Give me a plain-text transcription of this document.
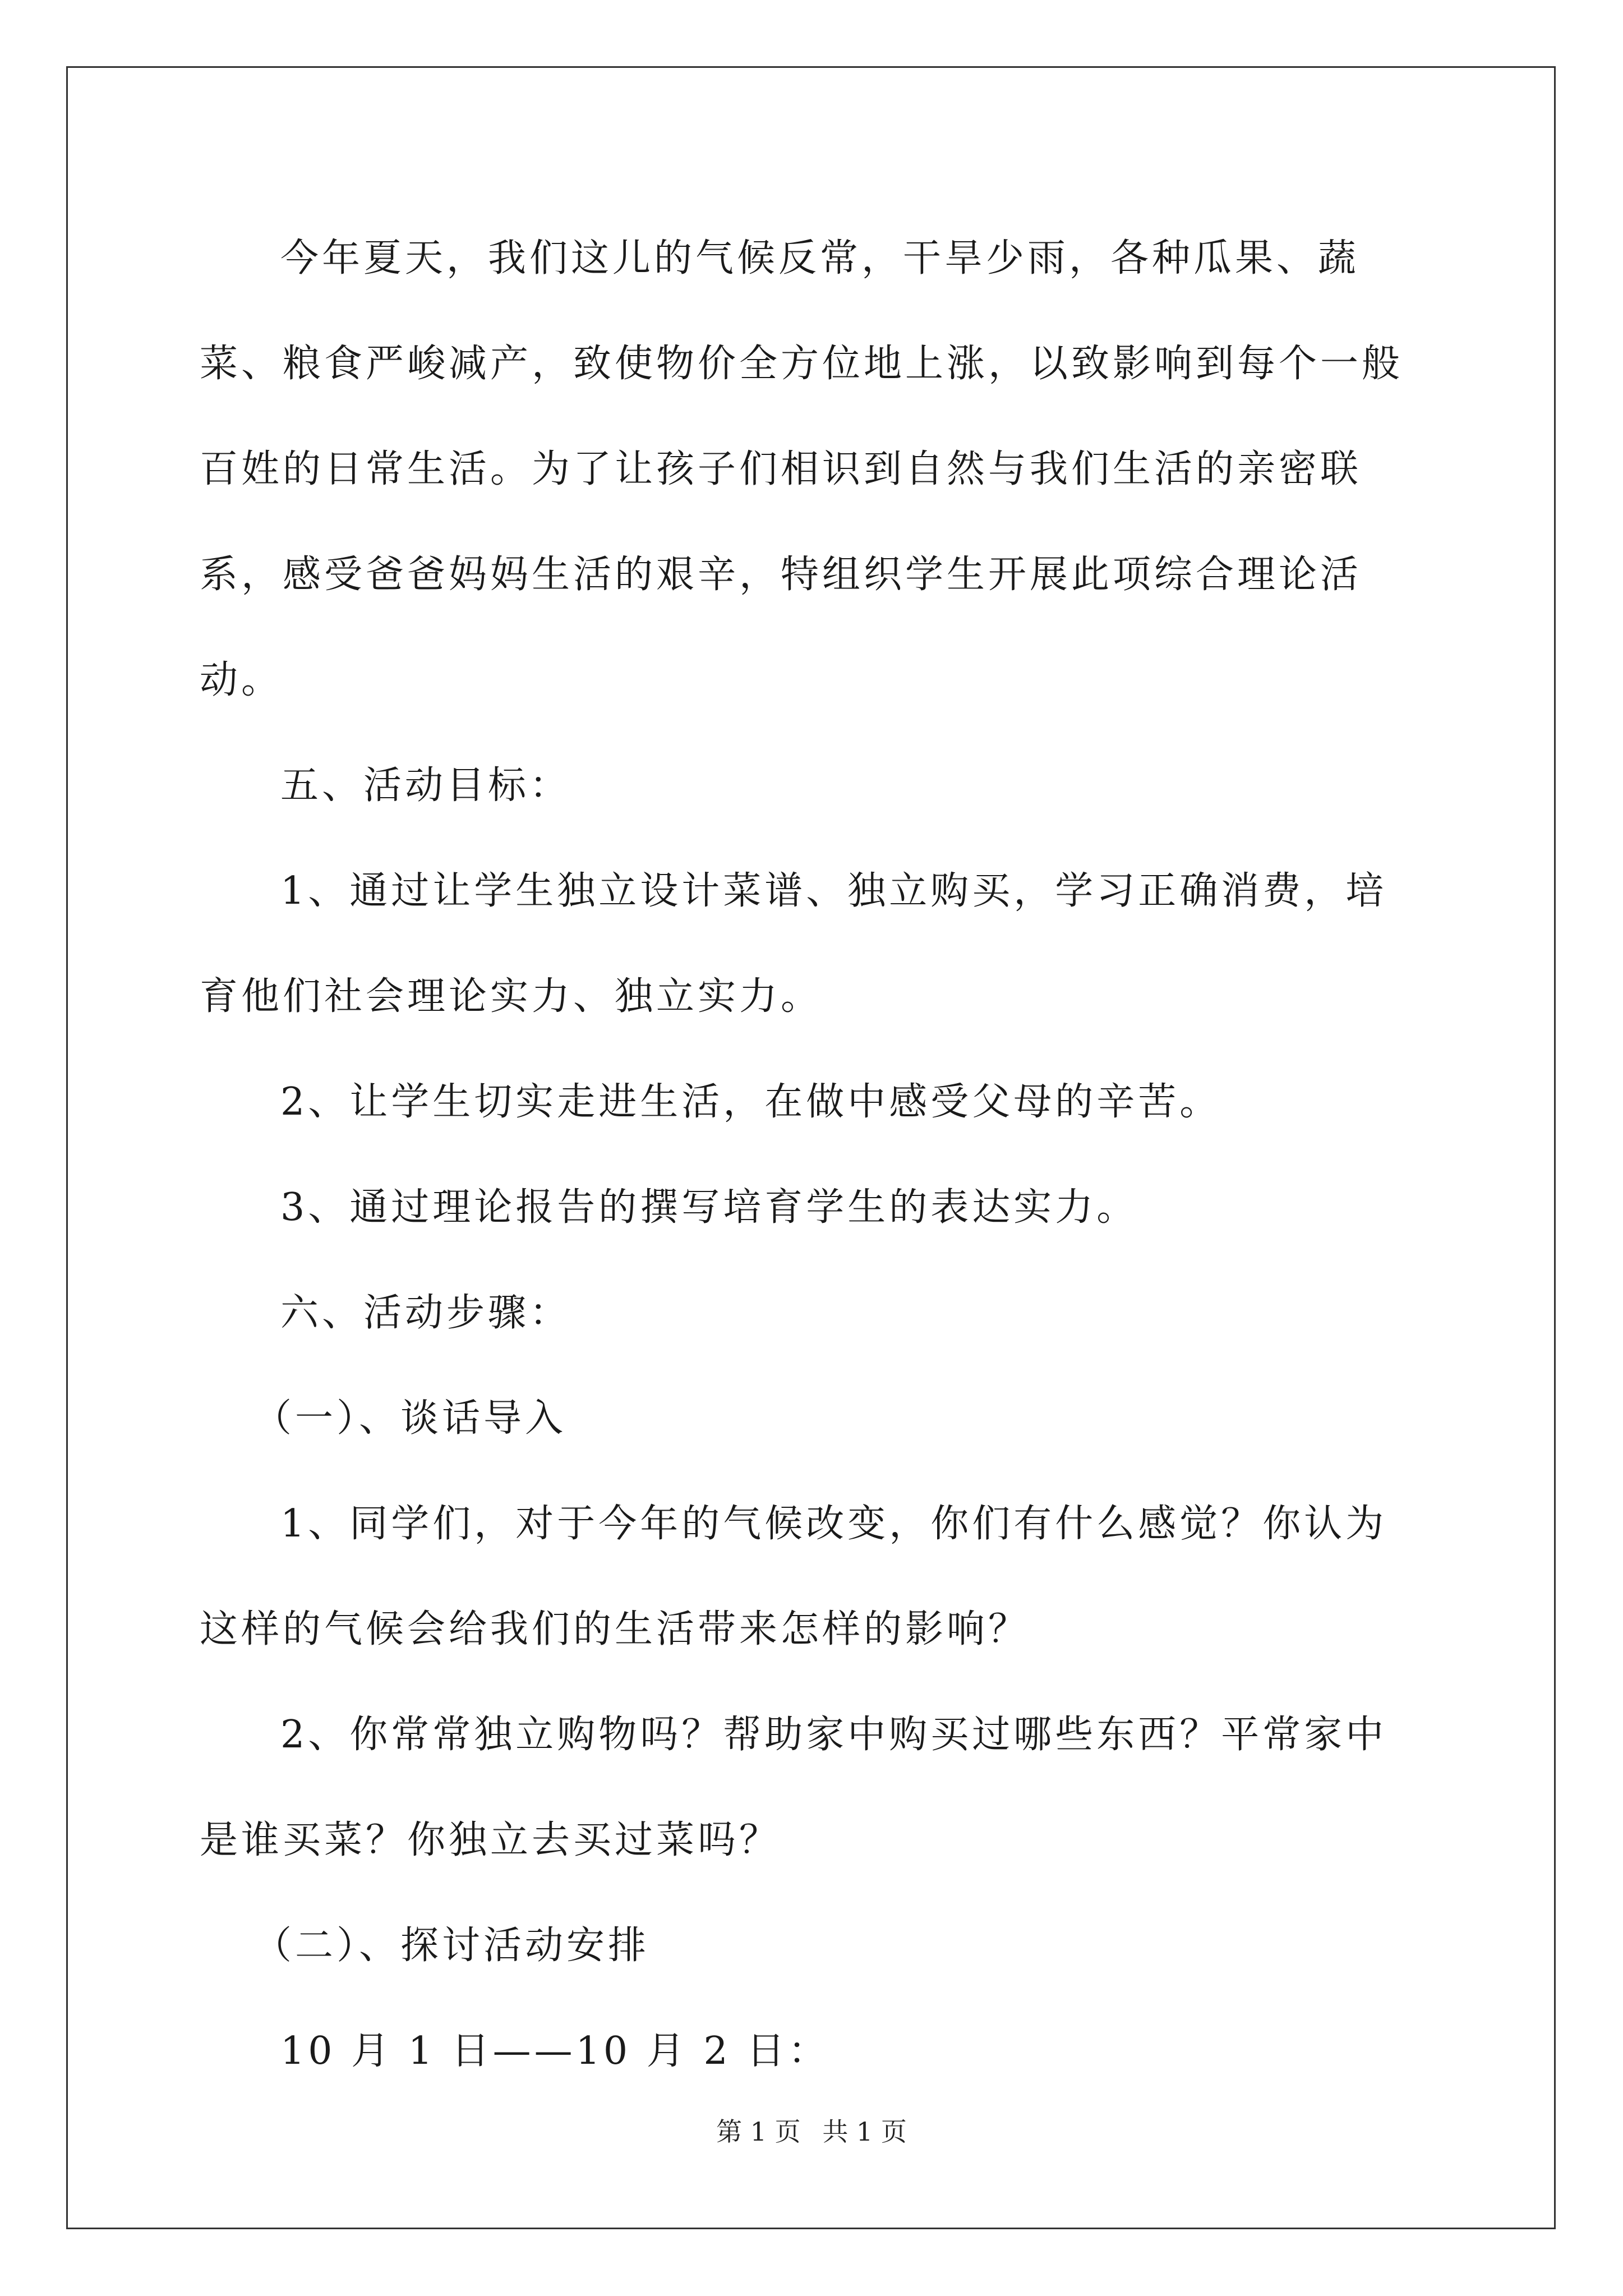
今年夏天，我们这儿的气候反常，干旱少雨，各种瓜果、蔬菜、粮食严峻减产，致使物价全方位地上涨，以致影响到每个一般百姓的日常生活。为了让孩子们相识到自然与我们生活的亲密联系，感受爸爸妈妈生活的艰辛，特组织学生开展此项综合理论活动。

五、活动目标：

1、通过让学生独立设计菜谱、独立购买，学习正确消费，培育他们社会理论实力、独立实力。

2、让学生切实走进生活，在做中感受父母的辛苦。

3、通过理论报告的撰写培育学生的表达实力。

六、活动步骤：

（一）、谈话导入

1、同学们，对于今年的气候改变，你们有什么感觉？你认为这样的气候会给我们的生活带来怎样的影响？

2、你常常独立购物吗？帮助家中购买过哪些东西？平常家中是谁买菜？你独立去买过菜吗？

（二）、探讨活动安排

10 月 1 日——10 月 2 日：

第 1 页 共 1 页
